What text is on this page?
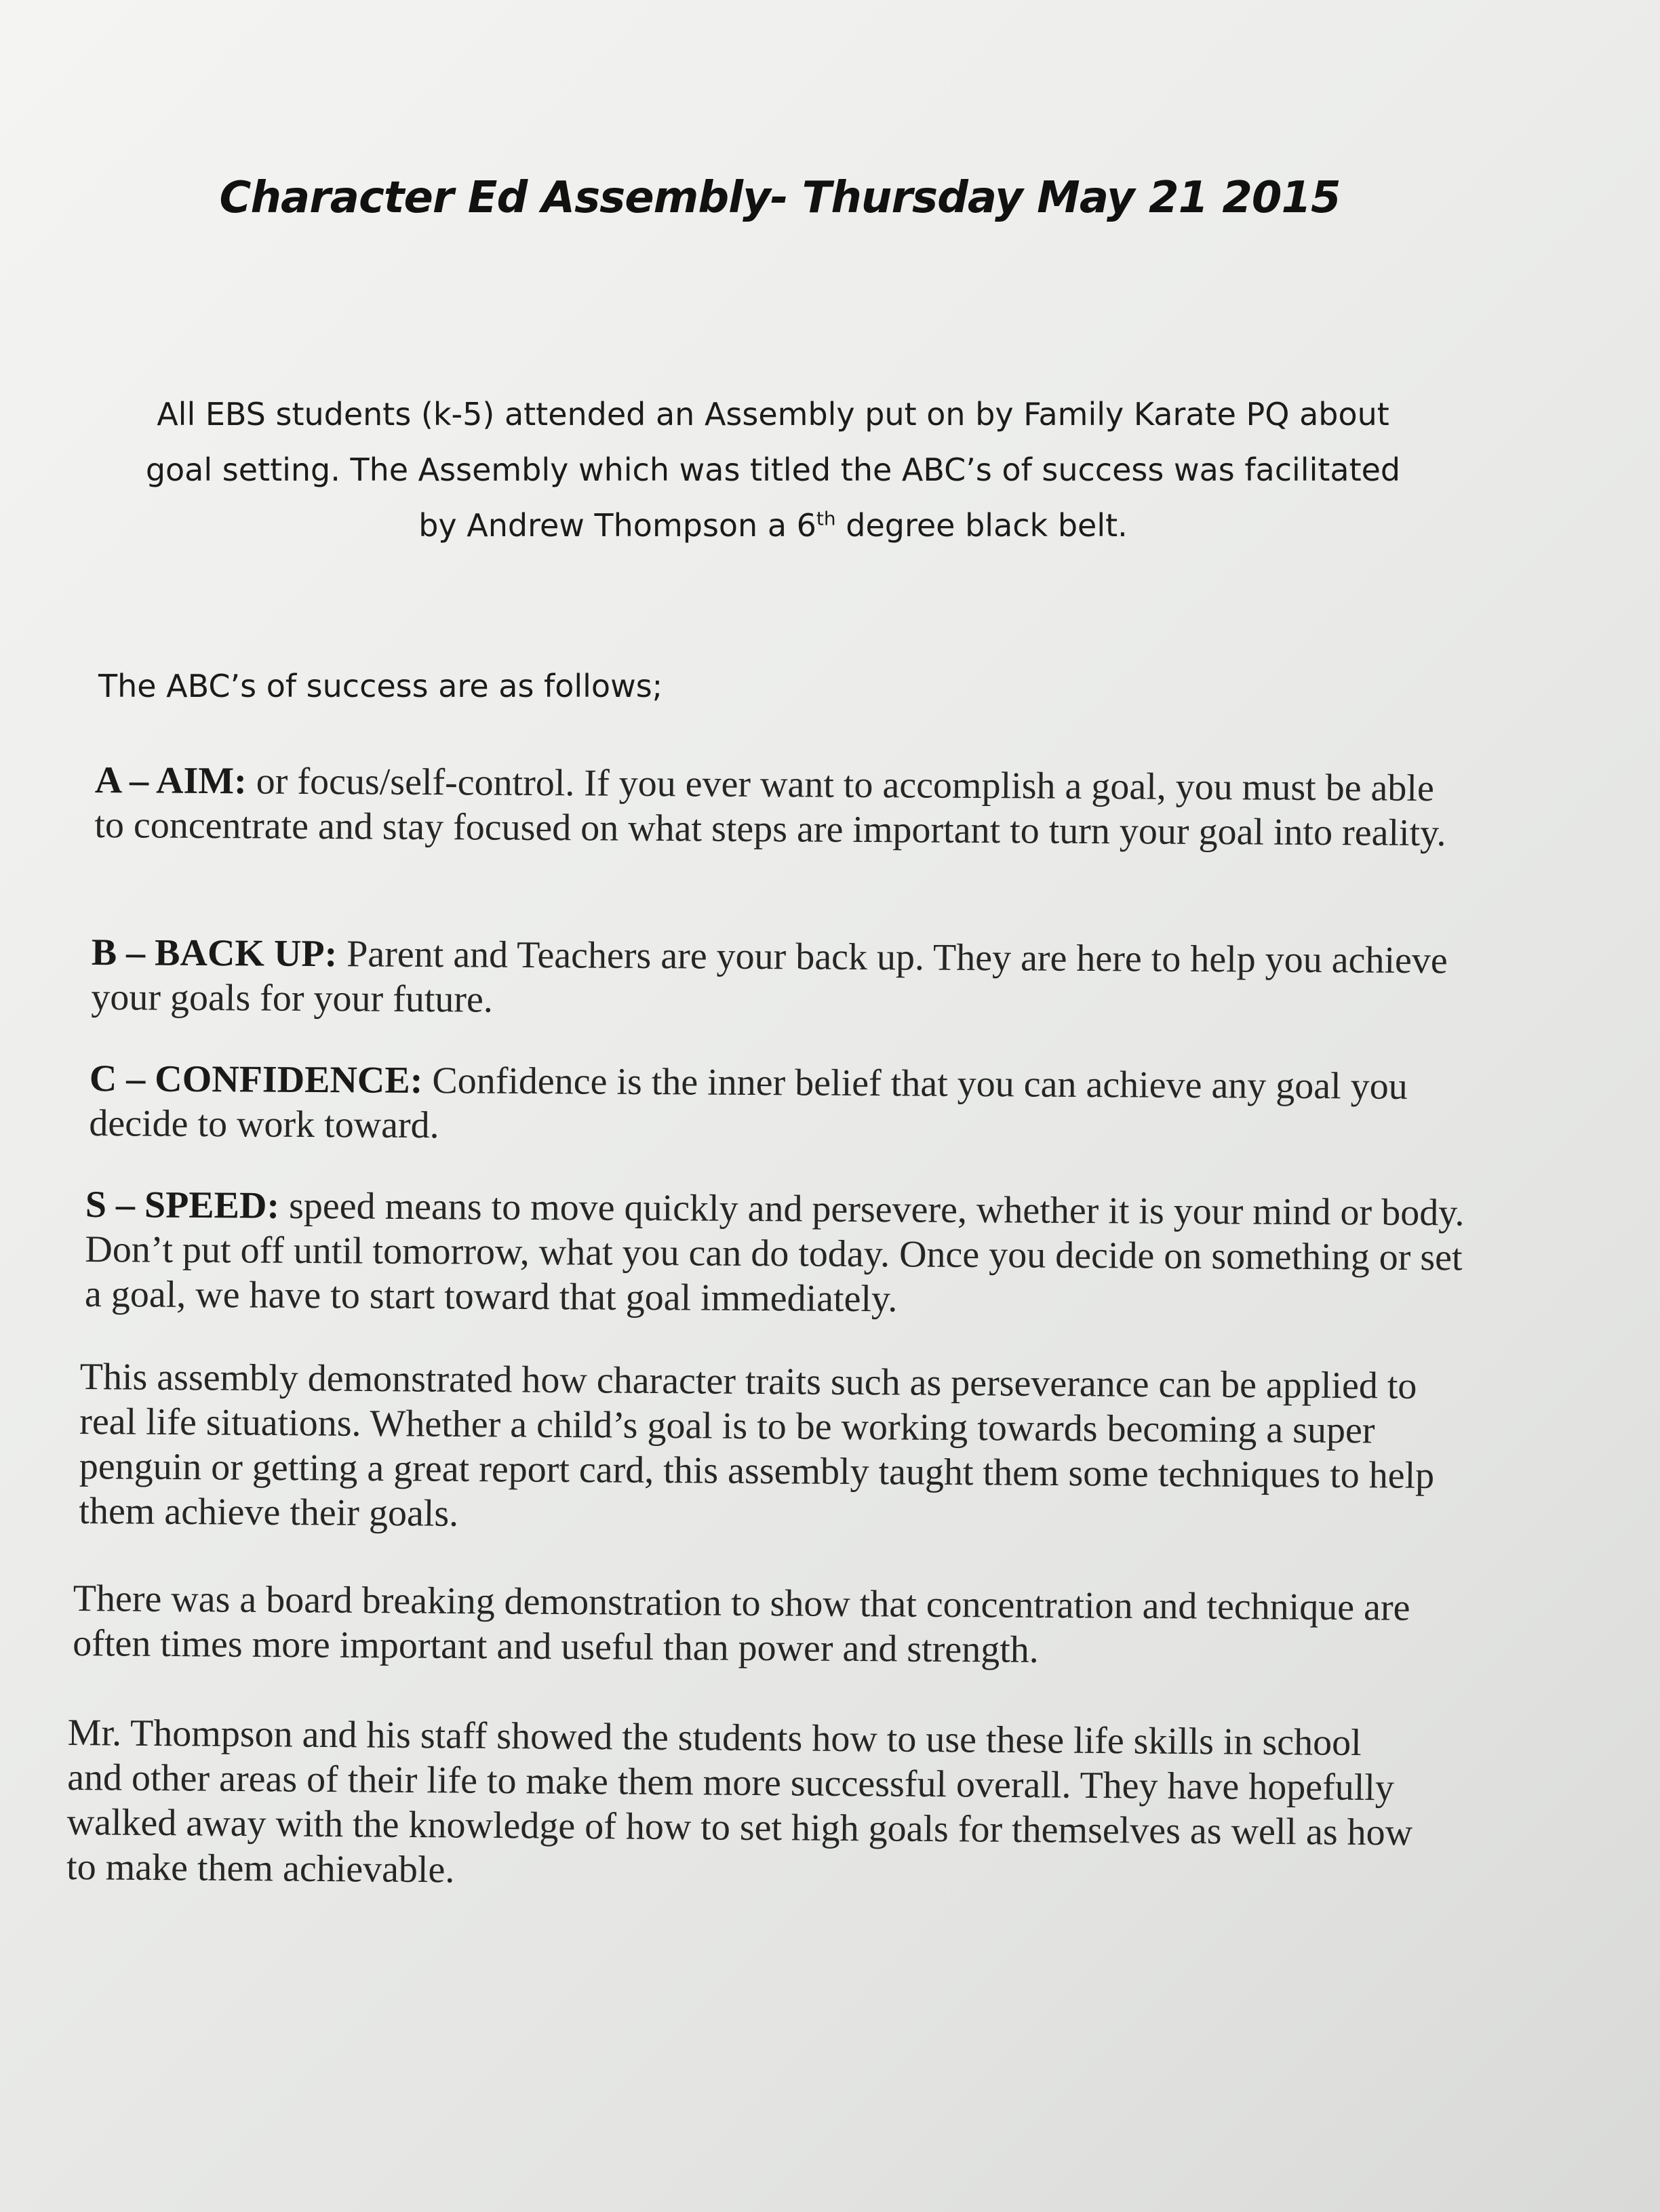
Character Ed Assembly- Thursday May 21 2015
All EBS students (k-5) attended an Assembly put on by Family Karate PQ about
goal setting. The Assembly which was titled the ABC’s of success was facilitated
by Andrew Thompson a 6th degree black belt.
The ABC’s of success are as follows;
A – AIM: or focus/self-control. If you ever want to accomplish a goal, you must be able to concentrate and stay focused on what steps are important to turn your goal into reality.
B – BACK UP: Parent and Teachers are your back up. They are here to help you achieve your goals for your future.
C – CONFIDENCE: Confidence is the inner belief that you can achieve any goal you decide to work toward.
S – SPEED: speed means to move quickly and persevere, whether it is your mind or body. Don’t put off until tomorrow, what you can do today. Once you decide on something or set a goal, we have to start toward that goal immediately.
This assembly demonstrated how character traits such as perseverance can be applied to real life situations. Whether a child’s goal is to be working towards becoming a super penguin or getting a great report card, this assembly taught them some techniques to help them achieve their goals.
There was a board breaking demonstration to show that concentration and technique are often times more important and useful than power and strength.
Mr. Thompson and his staff showed the students how to use these life skills in school and other areas of their life to make them more successful overall. They have hopefully walked away with the knowledge of how to set high goals for themselves as well as how to make them achievable.
